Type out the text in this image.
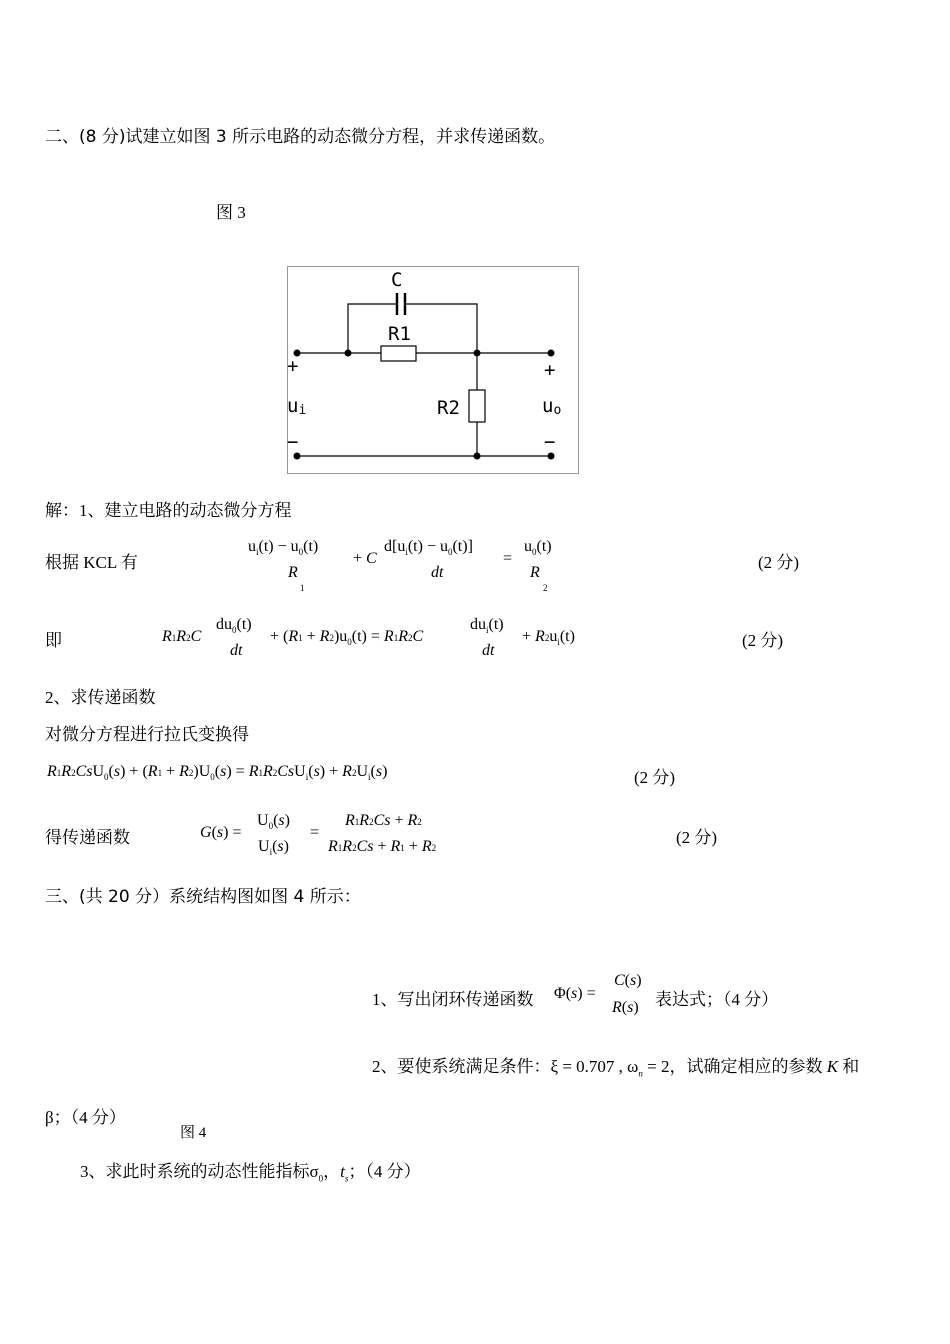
二、(8 分)试建立如图 3 所示电路的动态微分方程，并求传递函数。
图 3
C
R1
R2
+	+
−	−
ui	uo
解：1、建立电路的动态微分方程
根据 KCL 有
$u_i(t) - u_0(t)$
R
1
+ C
$d[u_i(t) - u_0(t)]$
dt
=
$u_0(t)$
R
2
(2 分)
即	R1R2C
$du_0(t)$
dt
+ $(R1 + R2)u_0(t) = R1R2C$
$du_i(t)$
dt
+ $R2u_i(t)$	(2 分)
2、求传递函数
对微分方程进行拉氏变换得
$R1R2CsU_0(s) + (R1 + R2)U_0(s) = R1R2CsU_i(s) + R2U_i(s)$	(2 分)
得传递函数	G(s) =
$U_0(s)$
$U_i(s)$
=
R1R2Cs + R2
R1R2Cs + R1 + R2
(2 分)
三、(共 20 分）系统结构图如图 4 所示：
1、写出闭环传递函数 Φ(s) =
C(s)
R(s) 表达式；（4 分）
2、要使系统满足条件：ξ = 0.707 , $\omega_n = 2$，试确定相应的参数 K 和
β；（4 分）
图 4
3、求此时系统的动态性能指标$\sigma_0$，$t_s$；（4 分）
